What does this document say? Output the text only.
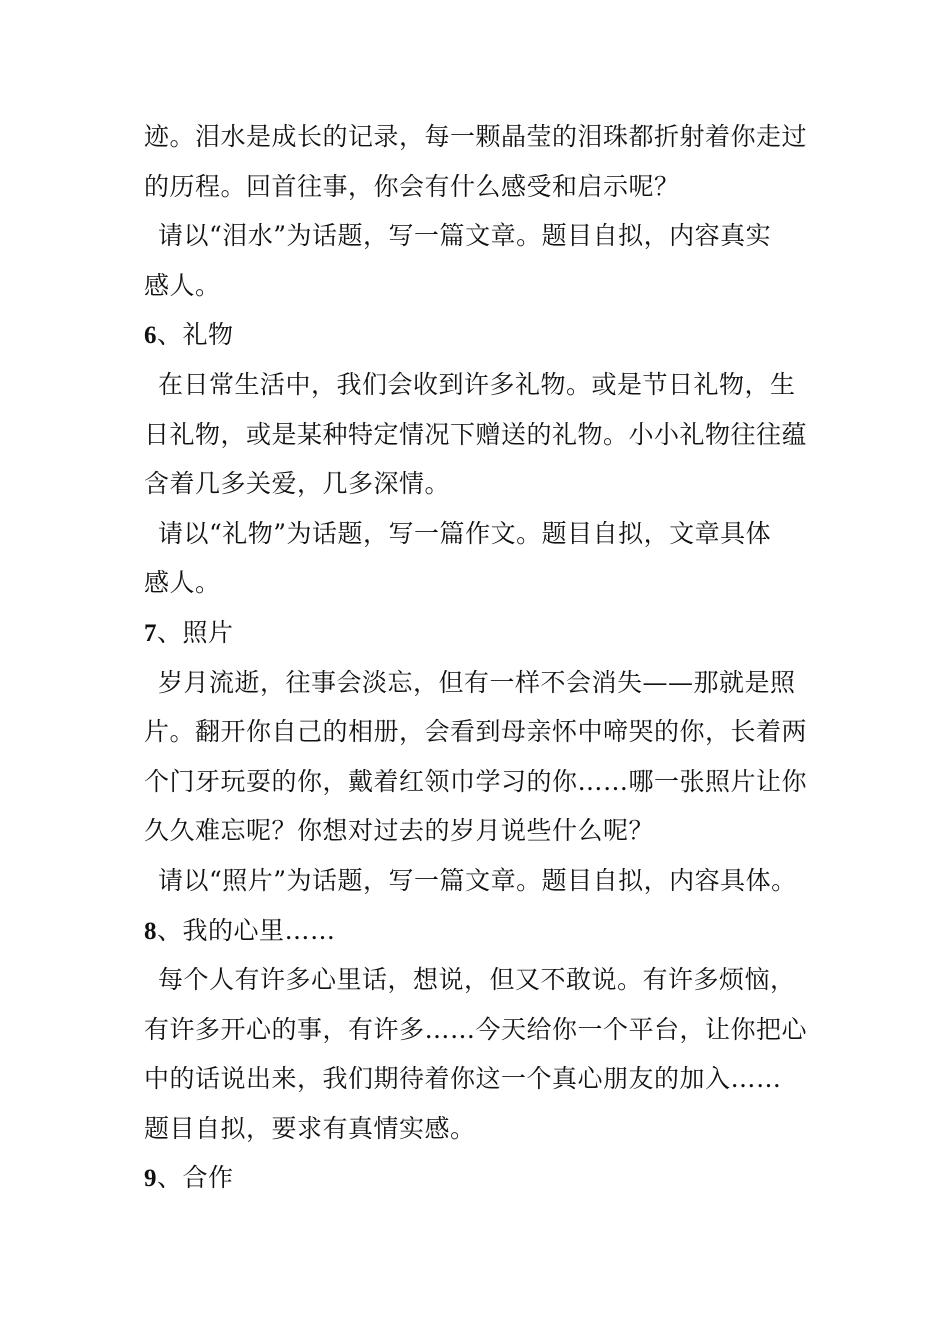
迹。泪水是成长的记录，每一颗晶莹的泪珠都折射着你走过
的历程。回首往事，你会有什么感受和启示呢？
请以“泪水”为话题，写一篇文章。题目自拟，内容真实
感人。
6、礼物
在日常生活中，我们会收到许多礼物。或是节日礼物，生
日礼物，或是某种特定情况下赠送的礼物。小小礼物往往蕴
含着几多关爱，几多深情。
请以“礼物”为话题，写一篇作文。题目自拟，文章具体
感人。
7、照片
岁月流逝，往事会淡忘，但有一样不会消失——那就是照
片。翻开你自己的相册，会看到母亲怀中啼哭的你，长着两
个门牙玩耍的你，戴着红领巾学习的你……哪一张照片让你
久久难忘呢？你想对过去的岁月说些什么呢？
请以“照片”为话题，写一篇文章。题目自拟，内容具体。
8、我的心里……
每个人有许多心里话，想说，但又不敢说。有许多烦恼，
有许多开心的事，有许多……今天给你一个平台，让你把心
中的话说出来，我们期待着你这一个真心朋友的加入……
题目自拟，要求有真情实感。
9、合作
